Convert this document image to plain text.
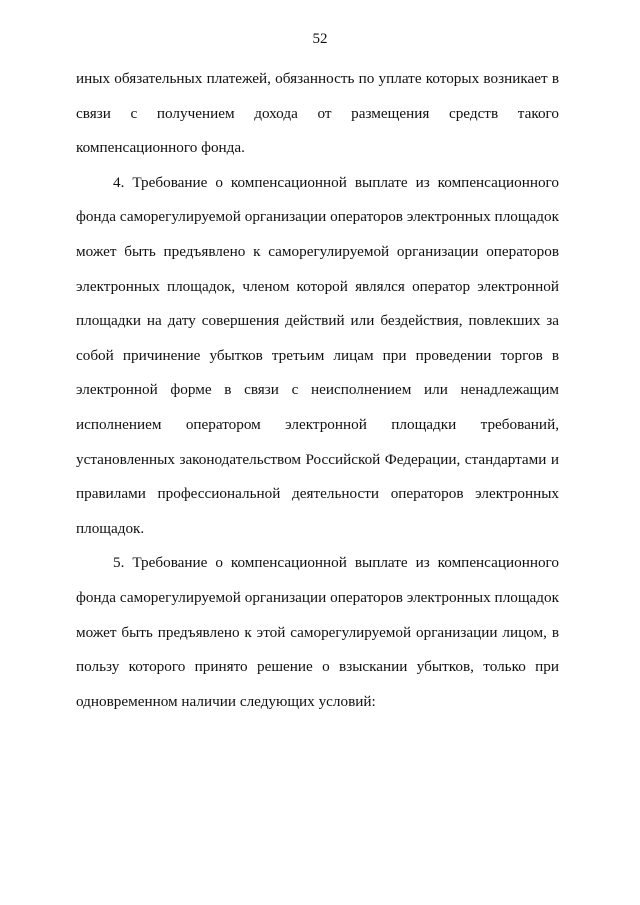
52
иных обязательных платежей, обязанность по уплате которых возникает в
связи с получением дохода от размещения средств такого
компенсационного фонда.
4. Требование о компенсационной выплате из компенсационного
фонда саморегулируемой организации операторов электронных площадок
может быть предъявлено к саморегулируемой организации операторов
электронных площадок, членом которой являлся оператор электронной
площадки на дату совершения действий или бездействия, повлекших за
собой причинение убытков третьим лицам при проведении торгов в
электронной форме в связи с неисполнением или ненадлежащим
исполнением оператором электронной площадки требований,
установленных законодательством Российской Федерации, стандартами и
правилами профессиональной деятельности операторов электронных
площадок.
5. Требование о компенсационной выплате из компенсационного
фонда саморегулируемой организации операторов электронных площадок
может быть предъявлено к этой саморегулируемой организации лицом, в
пользу которого принято решение о взыскании убытков, только при
одновременном наличии следующих условий:
